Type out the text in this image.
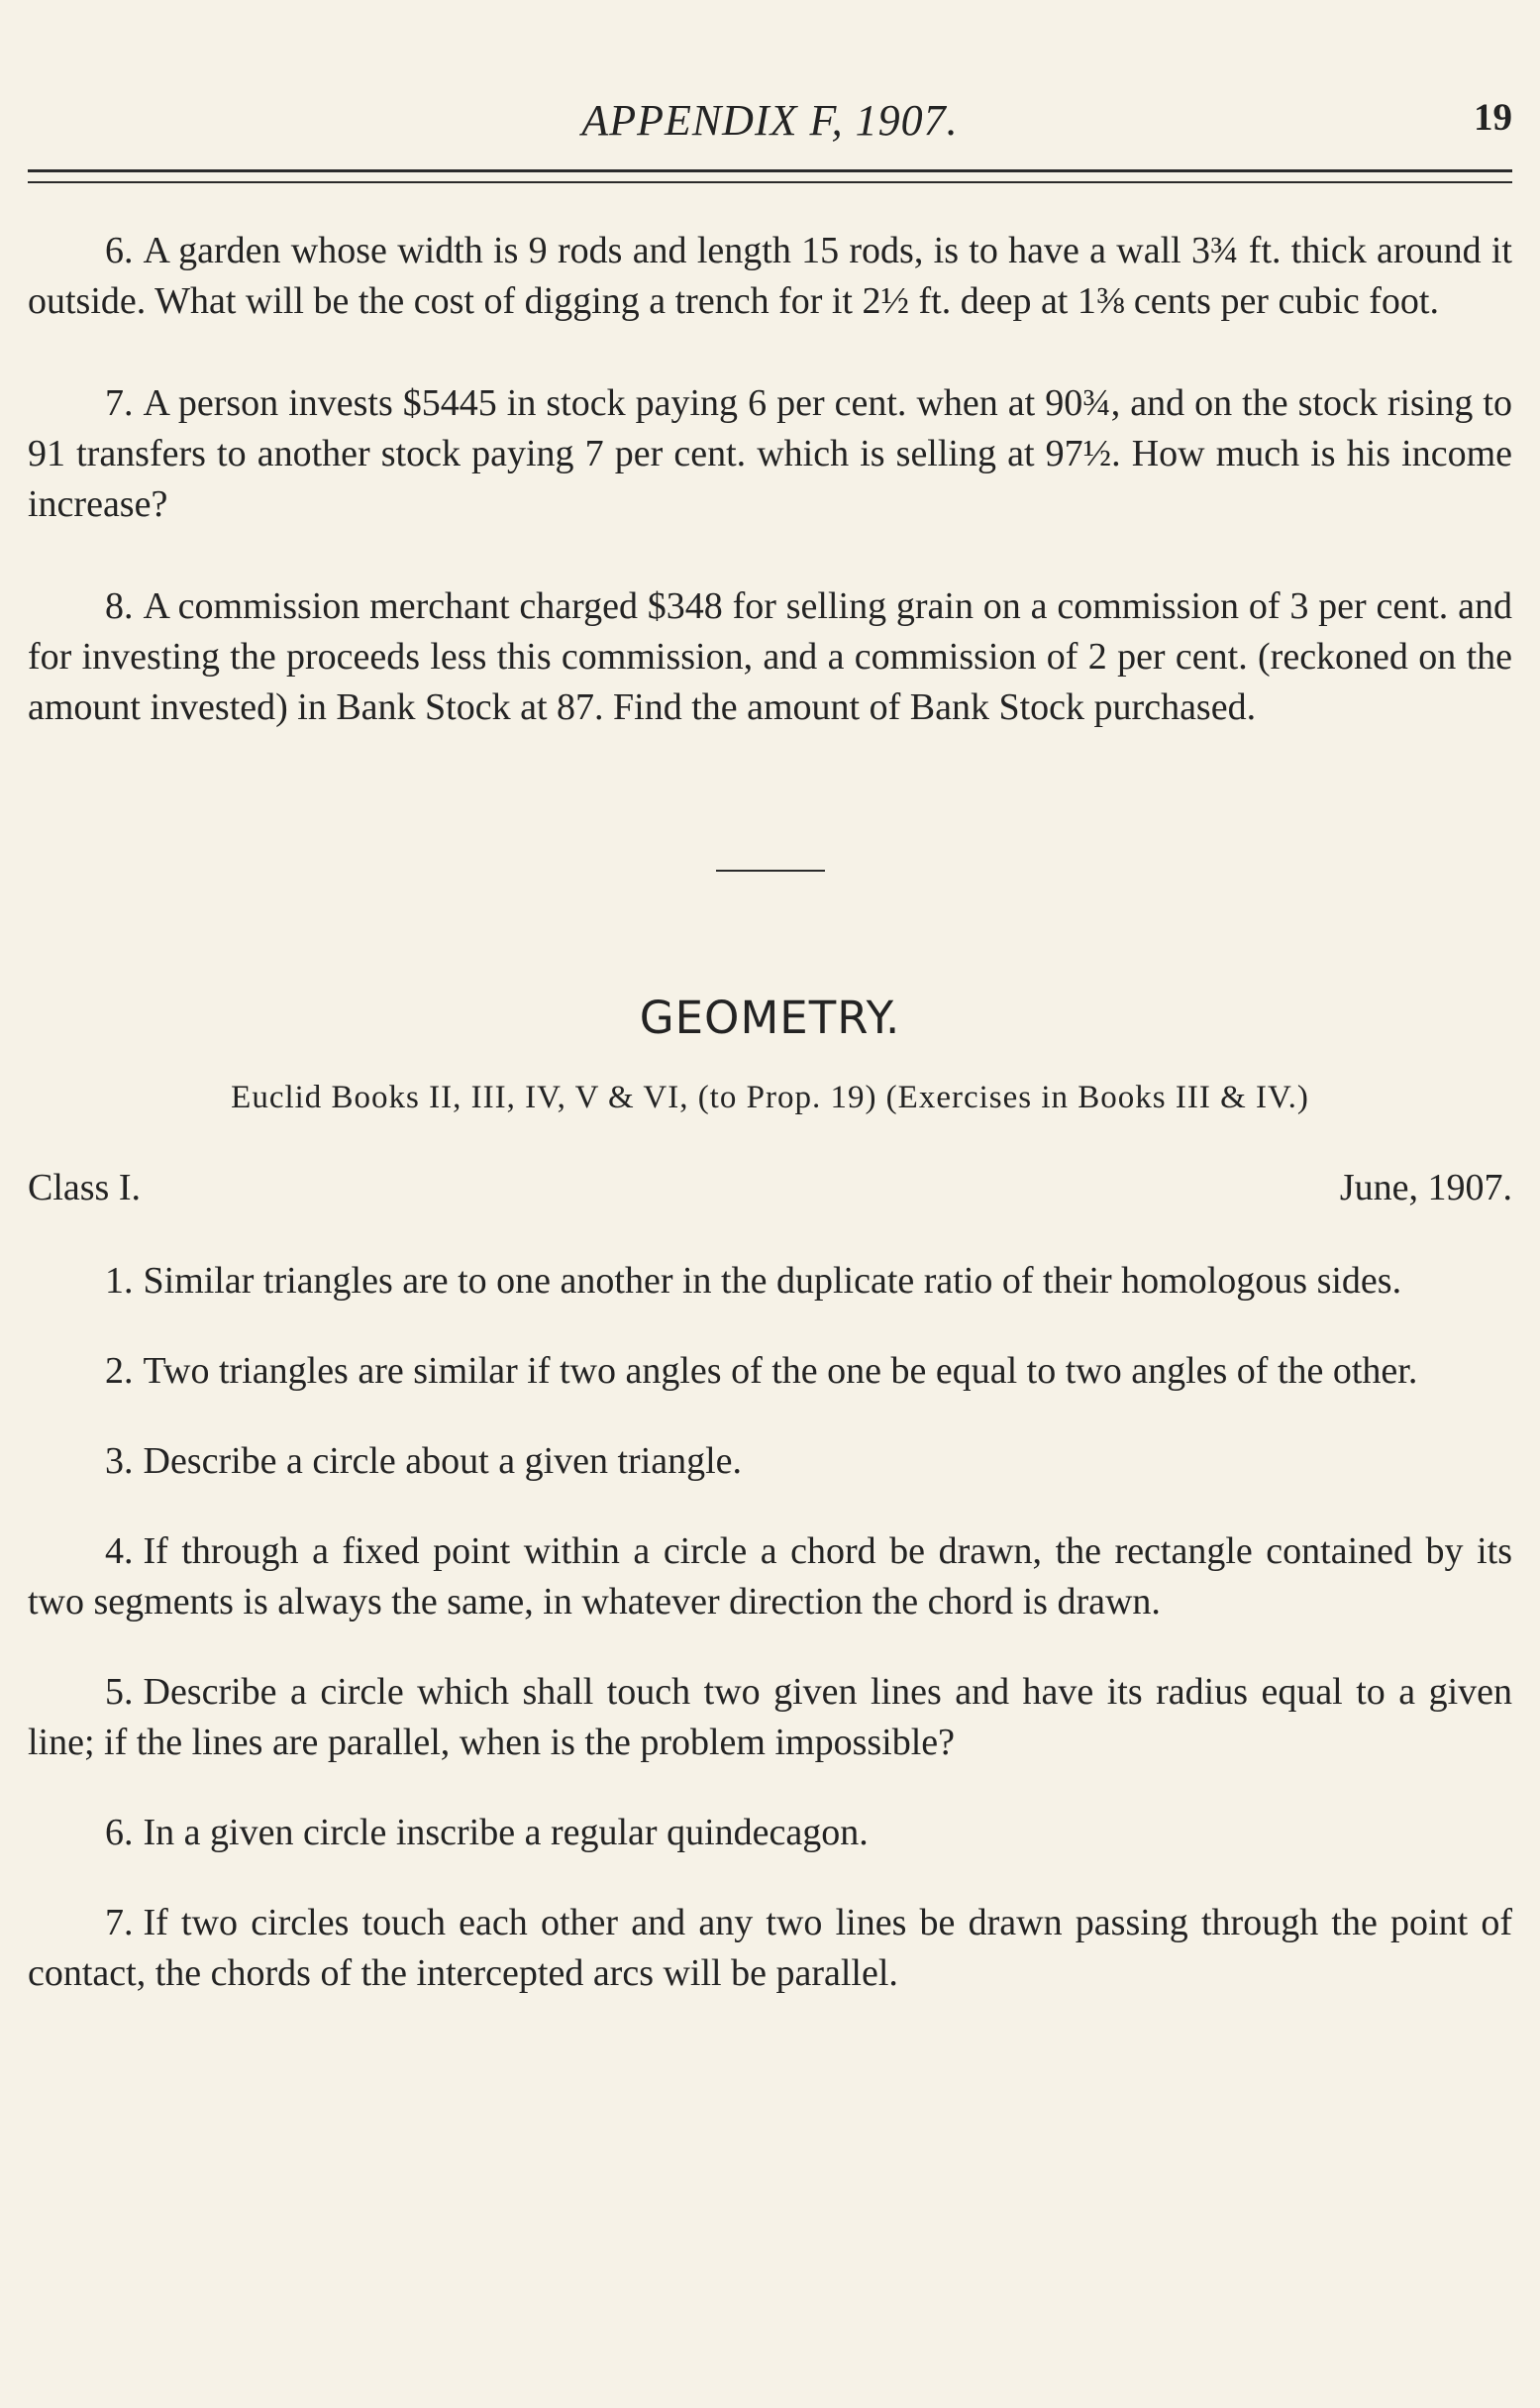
APPENDIX F, 1907.	19

6. A garden whose width is 9 rods and length 15 rods, is to have a wall 3¾ ft. thick around it outside. What will be the cost of digging a trench for it 2½ ft. deep at 1⅜ cents per cubic foot.

7. A person invests $5445 in stock paying 6 per cent. when at 90¾, and on the stock rising to 91 transfers to another stock paying 7 per cent. which is selling at 97½. How much is his income increase?

8. A commission merchant charged $348 for selling grain on a commission of 3 per cent. and for investing the proceeds less this commission, and a commission of 2 per cent. (reckoned on the amount invested) in Bank Stock at 87. Find the amount of Bank Stock purchased.

GEOMETRY.
Euclid Books II, III, IV, V & VI, (to Prop. 19) (Exercises in Books III & IV.)
Class I.	June, 1907.

1. Similar triangles are to one another in the duplicate ratio of their homologous sides.

2. Two triangles are similar if two angles of the one be equal to two angles of the other.

3. Describe a circle about a given triangle.

4. If through a fixed point within a circle a chord be drawn, the rectangle contained by its two segments is always the same, in whatever direction the chord is drawn.

5. Describe a circle which shall touch two given lines and have its radius equal to a given line; if the lines are parallel, when is the problem impossible?

6. In a given circle inscribe a regular quindecagon.

7. If two circles touch each other and any two lines be drawn passing through the point of contact, the chords of the intercepted arcs will be parallel.
